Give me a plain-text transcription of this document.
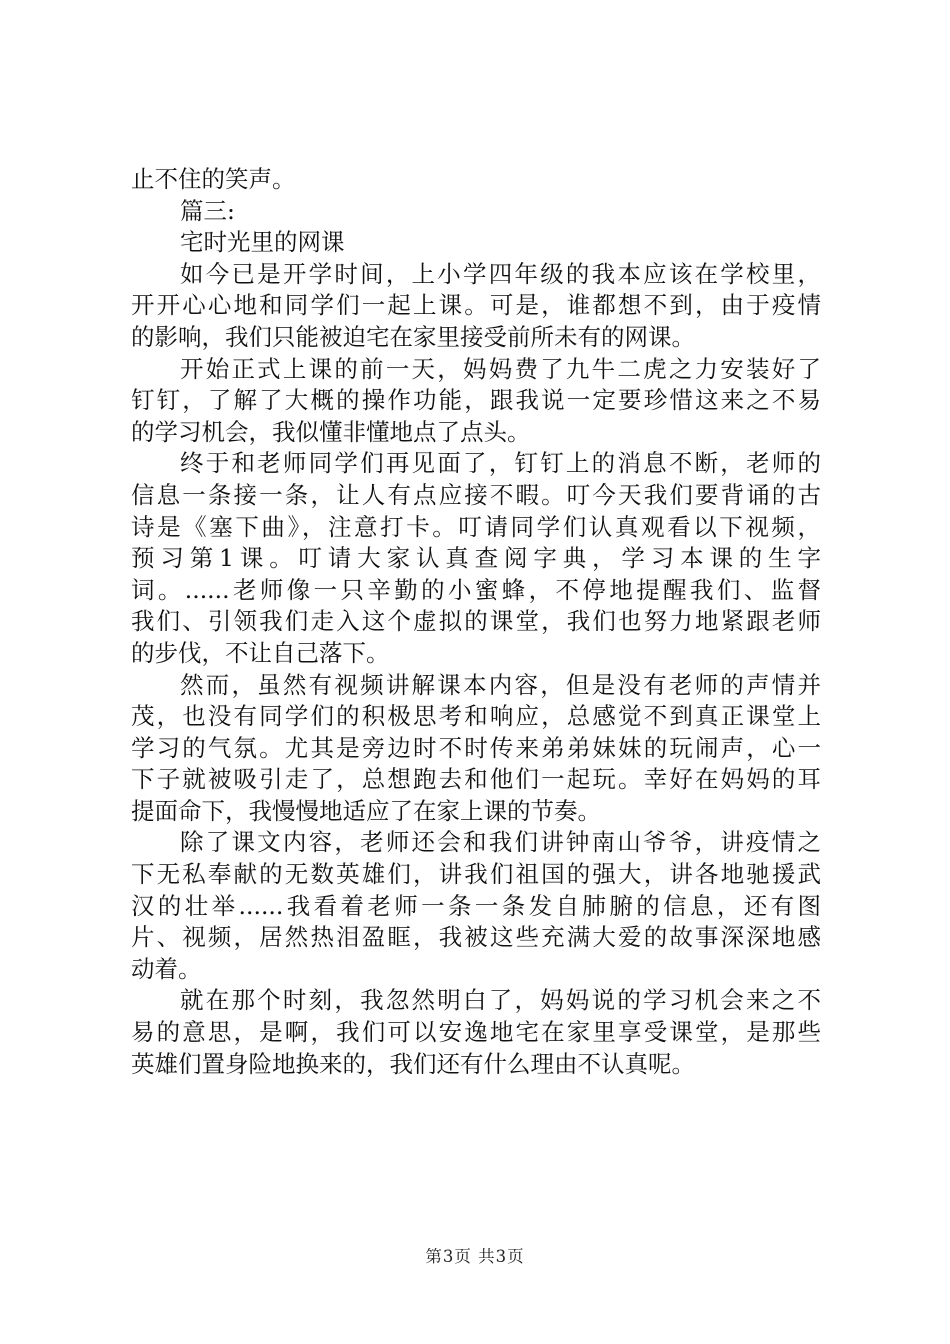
止不住的笑声。
篇三:
宅时光里的网课
如今已是开学时间，上小学四年级的我本应该在学校里，
开开心心地和同学们一起上课。可是，谁都想不到，由于疫情
的影响，我们只能被迫宅在家里接受前所未有的网课。
开始正式上课的前一天，妈妈费了九牛二虎之力安装好了
钉钉，了解了大概的操作功能，跟我说一定要珍惜这来之不易
的学习机会，我似懂非懂地点了点头。
终于和老师同学们再见面了，钉钉上的消息不断，老师的
信息一条接一条，让人有点应接不暇。叮今天我们要背诵的古
诗是《塞下曲》，注意打卡。叮请同学们认真观看以下视频，
预习第1课。叮请大家认真查阅字典，学习本课的生字
词。......老师像一只辛勤的小蜜蜂，不停地提醒我们、监督
我们、引领我们走入这个虚拟的课堂，我们也努力地紧跟老师
的步伐，不让自己落下。
然而，虽然有视频讲解课本内容，但是没有老师的声情并
茂，也没有同学们的积极思考和响应，总感觉不到真正课堂上
学习的气氛。尤其是旁边时不时传来弟弟妹妹的玩闹声，心一
下子就被吸引走了，总想跑去和他们一起玩。幸好在妈妈的耳
提面命下，我慢慢地适应了在家上课的节奏。
除了课文内容，老师还会和我们讲钟南山爷爷，讲疫情之
下无私奉献的无数英雄们，讲我们祖国的强大，讲各地驰援武
汉的壮举......我看着老师一条一条发自肺腑的信息，还有图
片、视频，居然热泪盈眶，我被这些充满大爱的故事深深地感
动着。
就在那个时刻，我忽然明白了，妈妈说的学习机会来之不
易的意思，是啊，我们可以安逸地宅在家里享受课堂，是那些
英雄们置身险地换来的，我们还有什么理由不认真呢。
第3页 共3页
